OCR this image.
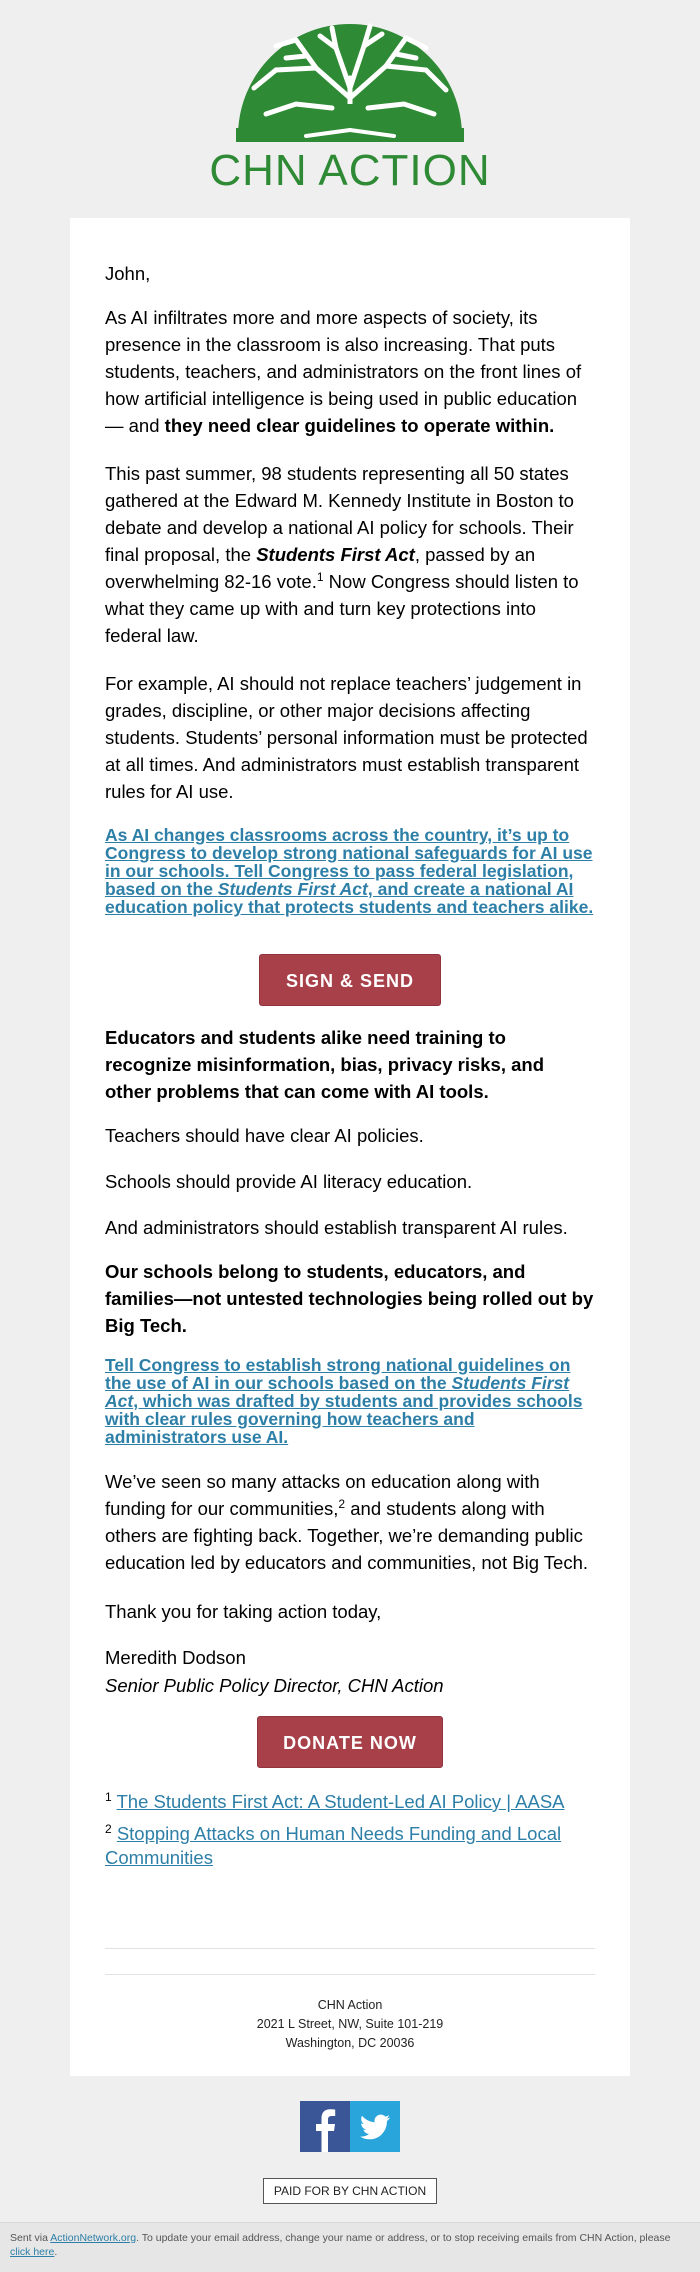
CHN ACTION

John,

As AI infiltrates more and more aspects of society, its presence in the classroom is also increasing. That puts students, teachers, and administrators on the front lines of how artificial intelligence is being used in public education — and they need clear guidelines to operate within.

This past summer, 98 students representing all 50 states gathered at the Edward M. Kennedy Institute in Boston to debate and develop a national AI policy for schools. Their final proposal, the Students First Act, passed by an overwhelming 82-16 vote.$^1$ Now Congress should listen to what they came up with and turn key protections into federal law.

For example, AI should not replace teachers’ judgement in grades, discipline, or other major decisions affecting students. Students’ personal information must be protected at all times. And administrators must establish transparent rules for AI use.

As AI changes classrooms across the country, it’s up to Congress to develop strong national safeguards for AI use in our schools. Tell Congress to pass federal legislation, based on the Students First Act, and create a national AI education policy that protects students and teachers alike.

SIGN & SEND

Educators and students alike need training to recognize misinformation, bias, privacy risks, and other problems that can come with AI tools.

Teachers should have clear AI policies.

Schools should provide AI literacy education.

And administrators should establish transparent AI rules.

Our schools belong to students, educators, and families—not untested technologies being rolled out by Big Tech.

Tell Congress to establish strong national guidelines on the use of AI in our schools based on the Students First Act, which was drafted by students and provides schools with clear rules governing how teachers and administrators use AI.

We’ve seen so many attacks on education along with funding for our communities,$^2$ and students along with others are fighting back. Together, we’re demanding public education led by educators and communities, not Big Tech.

Thank you for taking action today,

Meredith Dodson

Senior Public Policy Director, CHN Action

DONATE NOW
$^1$ The Students First Act: A Student-Led AI Policy | AASA
$^2$ Stopping Attacks on Human Needs Funding and Local Communities
CHN Action
2021 L Street, NW, Suite 101-219
Washington, DC 20036
PAID FOR BY CHN ACTION
Sent via ActionNetwork.org. To update your email address, change your name or address, or to stop receiving emails from CHN Action, please click here.
